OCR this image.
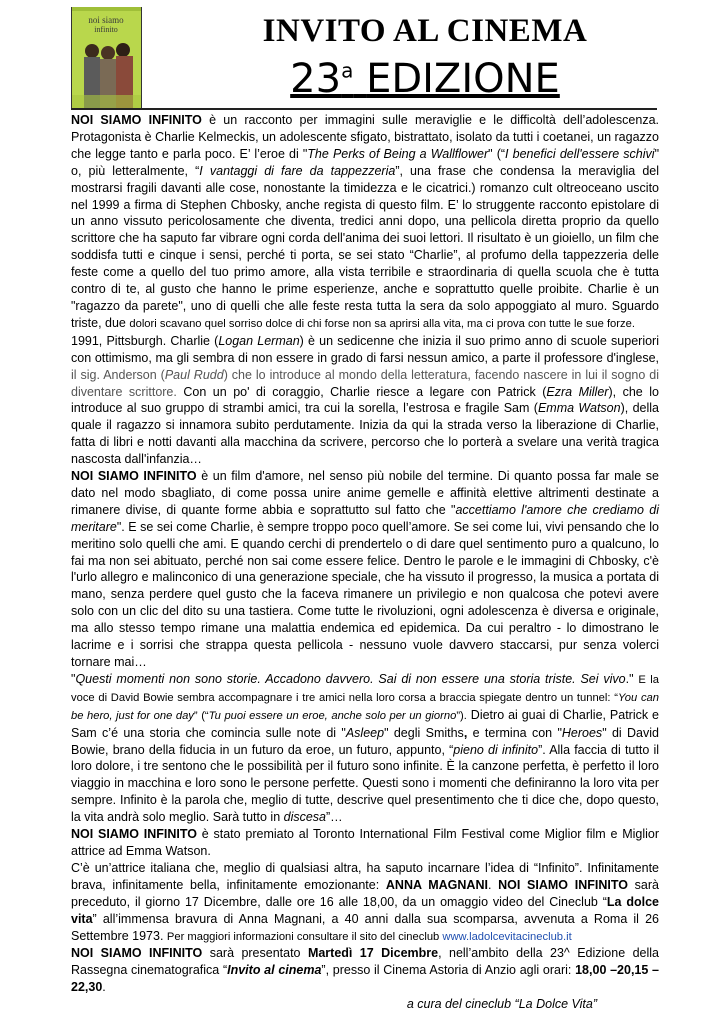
noi siamo
infinito	INVITO AL CINEMA
23$^a$ EDIZIONE

NOI SIAMO INFINITO è un racconto per immagini sulle meraviglie e le difficoltà dell’adolescenza. Protagonista è Charlie Kelmeckis, un adolescente sfigato, bistrattato, isolato da tutti i coetanei, un ragazzo che legge tanto e parla poco. E’ l’eroe di "The Perks of Being a Wallflower" (“I benefici dell'essere schivi" o, più letteralmente, “I vantaggi di fare da tappezzeria”, una frase che condensa la meraviglia del mostrarsi fragili davanti alle cose, nonostante la timidezza e le cicatrici.) romanzo cult oltreoceano uscito nel 1999 a firma di Stephen Chbosky, anche regista di questo film. E’ lo struggente racconto epistolare di un anno vissuto pericolosamente che diventa, tredici anni dopo, una pellicola diretta proprio da quello scrittore che ha saputo far vibrare ogni corda dell'anima dei suoi lettori. Il risultato è un gioiello, un film che soddisfa tutti e cinque i sensi, perché ti porta, se sei stato “Charlie”, al profumo della tappezzeria delle feste come a quello del tuo primo amore, alla vista terribile e straordinaria di quella scuola che è tutta contro di te, al gusto che hanno le prime esperienze, anche e soprattutto quelle proibite. Charlie è un "ragazzo da parete", uno di quelli che alle feste resta tutta la sera da solo appoggiato al muro. Sguardo triste, due dolori scavano quel sorriso dolce di chi forse non sa aprirsi alla vita, ma ci prova con tutte le sue forze.

1991, Pittsburgh. Charlie (Logan Lerman) è un sedicenne che inizia il suo primo anno di scuole superiori con ottimismo, ma gli sembra di non essere in grado di farsi nessun amico, a parte il professore d'inglese, il sig. Anderson (Paul Rudd) che lo introduce al mondo della letteratura, facendo nascere in lui il sogno di diventare scrittore. Con un po' di coraggio, Charlie riesce a legare con Patrick (Ezra Miller), che lo introduce al suo gruppo di strambi amici, tra cui la sorella, l’estrosa e fragile Sam (Emma Watson), della quale il ragazzo si innamora subito perdutamente. Inizia da qui la strada verso la liberazione di Charlie, fatta di libri e notti davanti alla macchina da scrivere, percorso che lo porterà a svelare una verità tragica nascosta dall'infanzia…

NOI SIAMO INFINITO è un film d'amore, nel senso più nobile del termine. Di quanto possa far male se dato nel modo sbagliato, di come possa unire anime gemelle e affinità elettive altrimenti destinate a rimanere divise, di quante forme abbia e soprattutto sul fatto che "accettiamo l'amore che crediamo di meritare". E se sei come Charlie, è sempre troppo poco quell’amore. Se sei come lui, vivi pensando che lo meritino solo quelli che ami. E quando cerchi di prendertelo o di dare quel sentimento puro a qualcuno, lo fai ma non sei abituato, perché non sai come essere felice. Dentro le parole e le immagini di Chbosky, c'è l'urlo allegro e malinconico di una generazione speciale, che ha vissuto il progresso, la musica a portata di mano, senza perdere quel gusto che la faceva rimanere un privilegio e non qualcosa che potevi avere solo con un clic del dito su una tastiera. Come tutte le rivoluzioni, ogni adolescenza è diversa e originale, ma allo stesso tempo rimane una malattia endemica ed epidemica. Da cui peraltro - lo dimostrano le lacrime e i sorrisi che strappa questa pellicola - nessuno vuole davvero staccarsi, pur senza volerci tornare mai…

"Questi momenti non sono storie. Accadono davvero. Sai di non essere una storia triste. Sei vivo." E la voce di David Bowie sembra accompagnare i tre amici nella loro corsa a braccia spiegate dentro un tunnel: “You can be hero, just for one day” (“Tu puoi essere un eroe, anche solo per un giorno”). Dietro ai guai di Charlie, Patrick e Sam c’é una storia che comincia sulle note di "Asleep" degli Smiths, e termina con "Heroes" di David Bowie, brano della fiducia in un futuro da eroe, un futuro, appunto, “pieno di infinito”. Alla faccia di tutto il loro dolore, i tre sentono che le possibilità per il futuro sono infinite. È la canzone perfetta, è perfetto il loro viaggio in macchina e loro sono le persone perfette. Questi sono i momenti che definiranno la loro vita per sempre. Infinito è la parola che, meglio di tutte, descrive quel presentimento che ti dice che, dopo questo, la vita andrà solo meglio. Sarà tutto in discesa”…

NOI SIAMO INFINITO è stato premiato al Toronto International Film Festival come Miglior film e Miglior attrice ad Emma Watson.

C’è un’attrice italiana che, meglio di qualsiasi altra, ha saputo incarnare l’idea di “Infinito”. Infinitamente brava, infinitamente bella, infinitamente emozionante: ANNA MAGNANI. NOI SIAMO INFINITO sarà preceduto, il giorno 17 Dicembre, dalle ore 16 alle 18,00, da un omaggio video del Cineclub “La dolce vita” all’immensa bravura di Anna Magnani, a 40 anni dalla sua scomparsa, avvenuta a Roma il 26 Settembre 1973. Per maggiori informazioni consultare il sito del cineclub www.ladolcevitacineclub.it

NOI SIAMO INFINITO sarà presentato Martedì 17 Dicembre, nell’ambito della 23^ Edizione della Rassegna cinematografica “Invito al cinema”, presso il Cinema Astoria di Anzio agli orari: 18,00 –20,15 – 22,30.

a cura del cineclub “La Dolce Vita”
